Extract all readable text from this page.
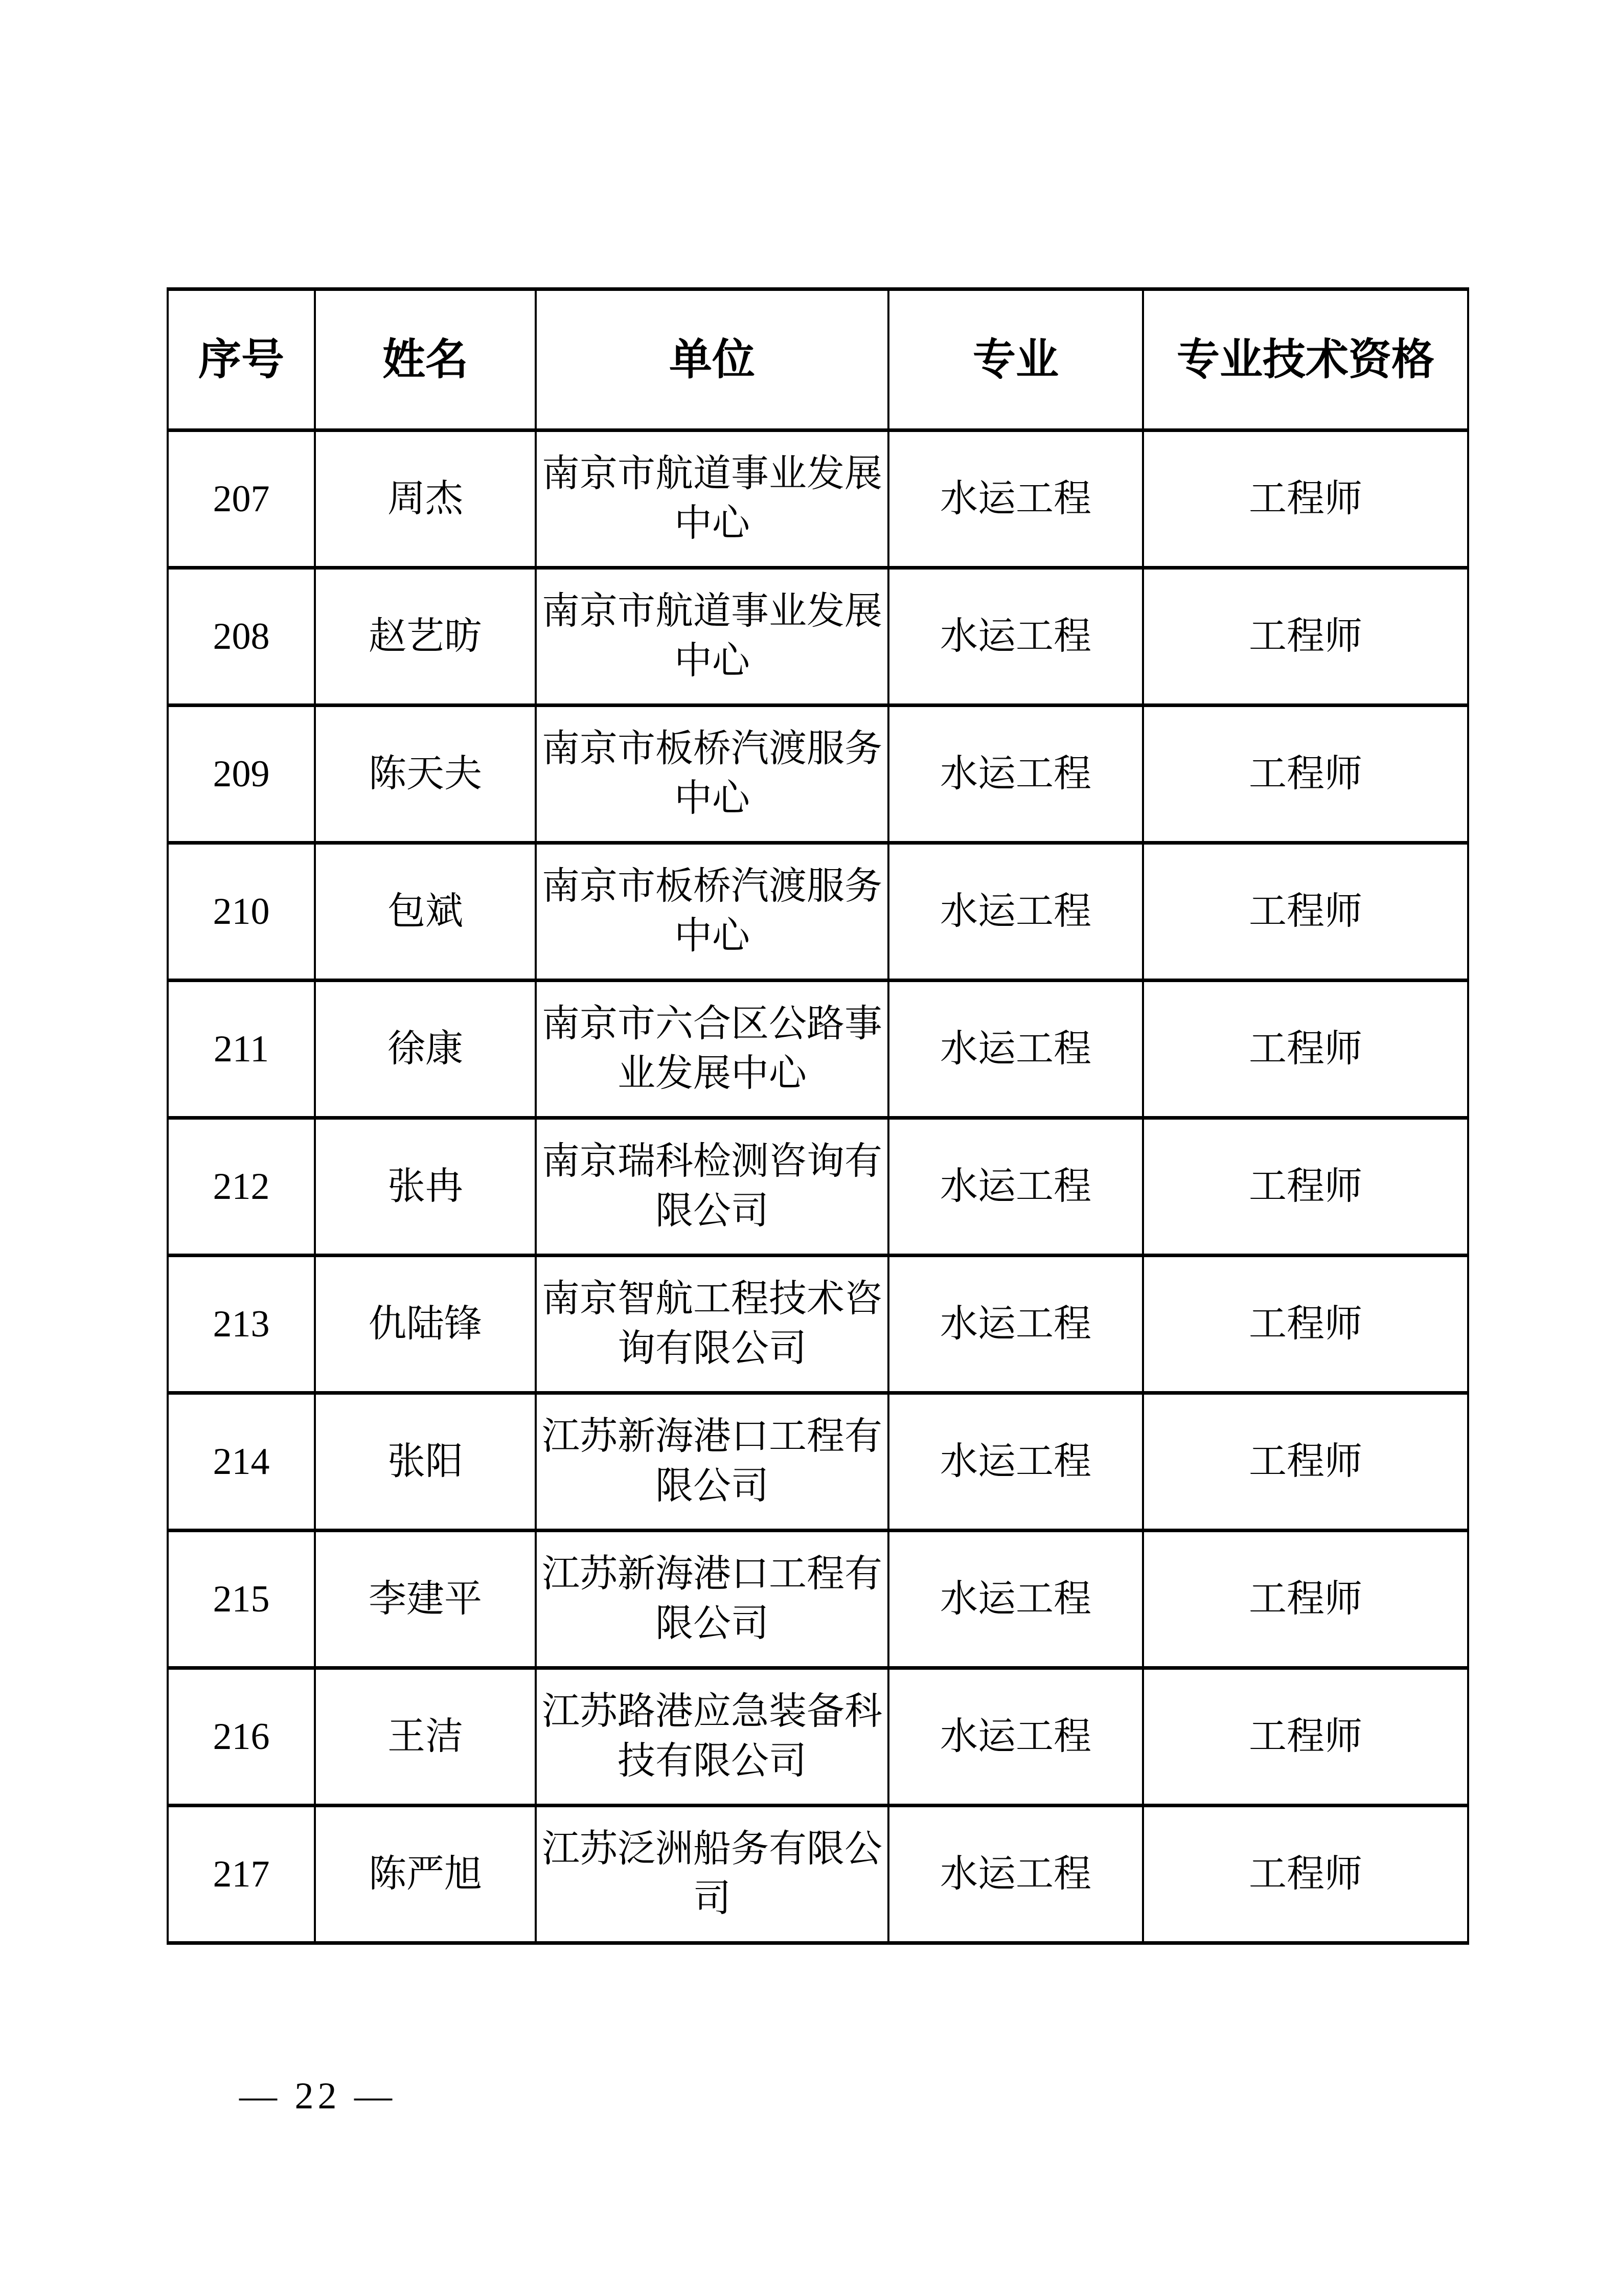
序号	姓名	单位	专业	专业技术资格
207	周杰	南京市航道事业发展中心	水运工程	工程师
208	赵艺昉	南京市航道事业发展中心	水运工程	工程师
209	陈天夫	南京市板桥汽渡服务中心	水运工程	工程师
210	包斌	南京市板桥汽渡服务中心	水运工程	工程师
211	徐康	南京市六合区公路事业发展中心	水运工程	工程师
212	张冉	南京瑞科检测咨询有限公司	水运工程	工程师
213	仇陆锋	南京智航工程技术咨询有限公司	水运工程	工程师
214	张阳	江苏新海港口工程有限公司	水运工程	工程师
215	李建平	江苏新海港口工程有限公司	水运工程	工程师
216	王洁	江苏路港应急装备科技有限公司	水运工程	工程师
217	陈严旭	江苏泛洲船务有限公司	水运工程	工程师
— 22 —
